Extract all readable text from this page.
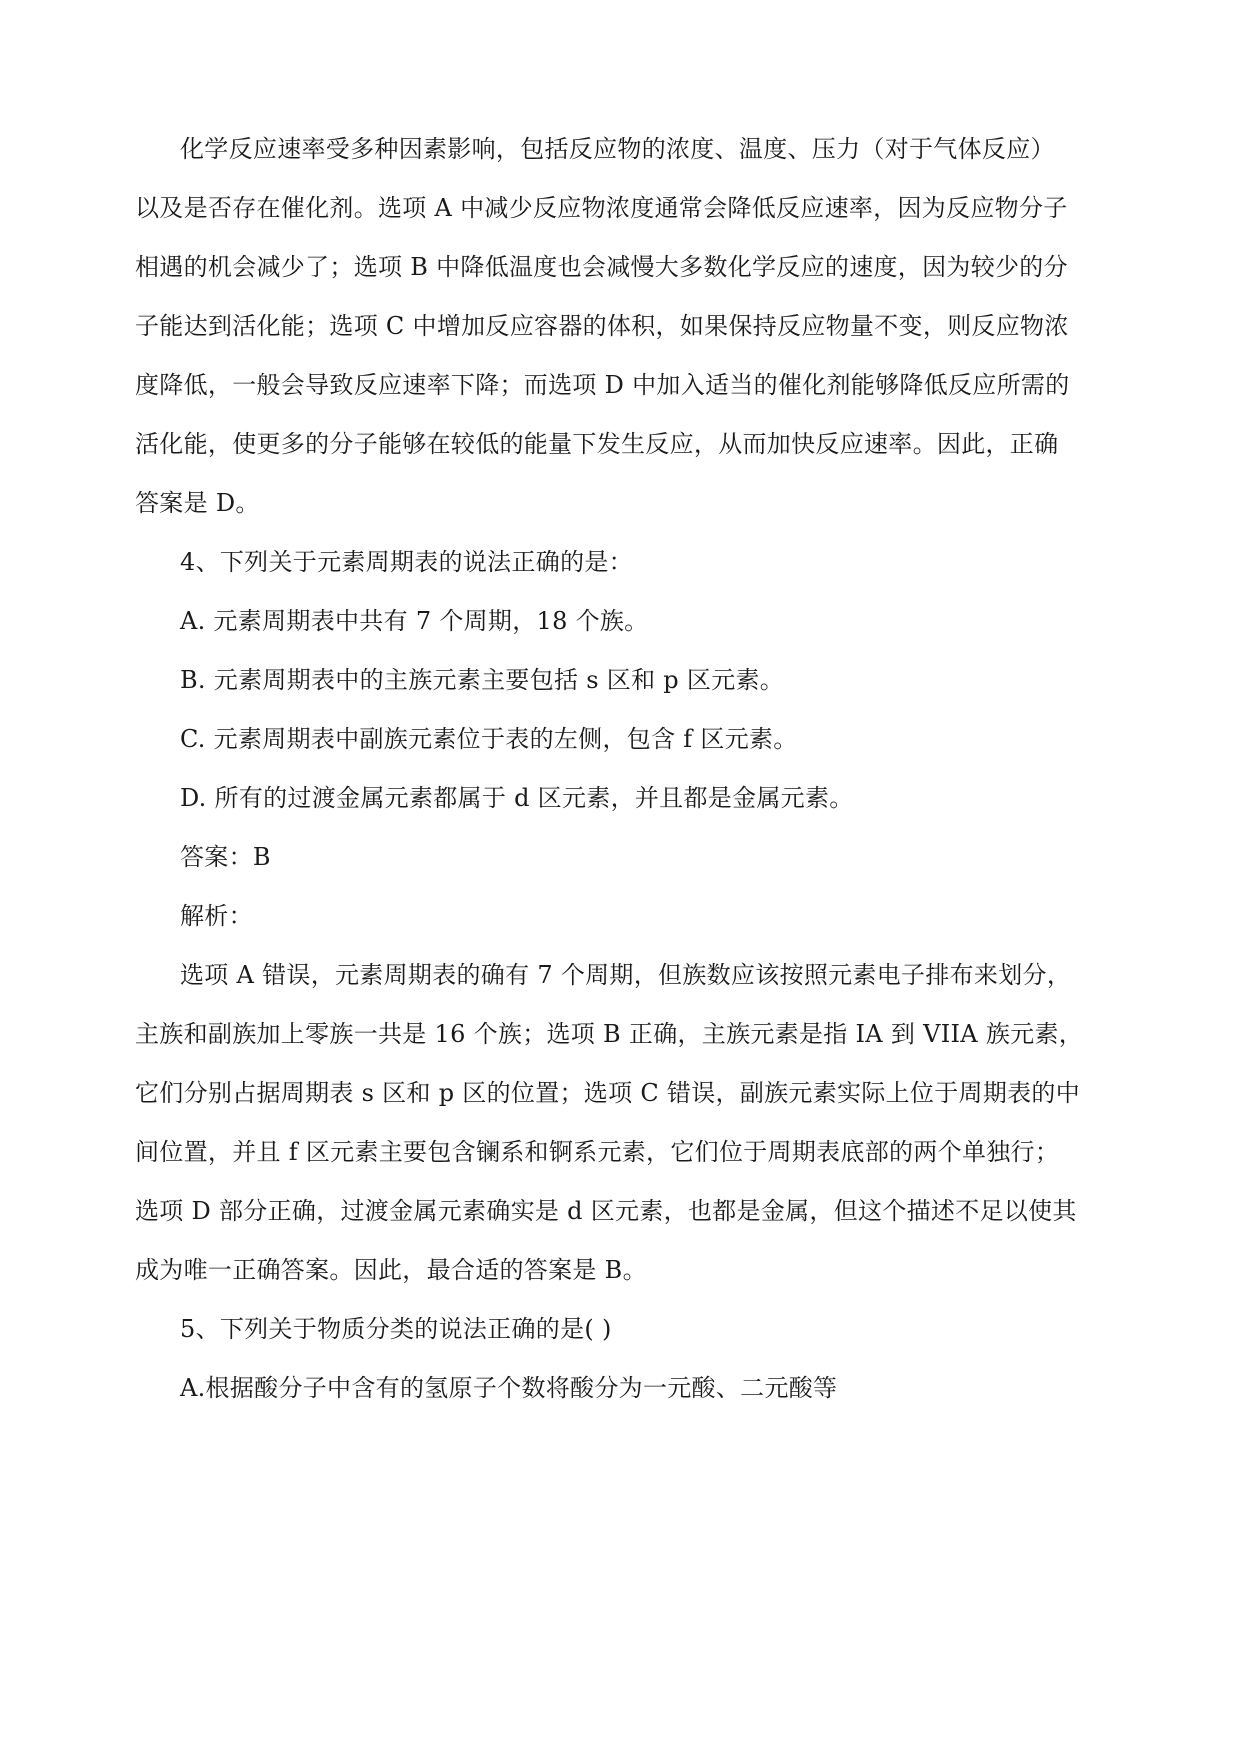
化学反应速率受多种因素影响，包括反应物的浓度、温度、压力（对于气体反应）
以及是否存在催化剂。选项 A 中减少反应物浓度通常会降低反应速率，因为反应物分子
相遇的机会减少了；选项 B 中降低温度也会减慢大多数化学反应的速度，因为较少的分
子能达到活化能；选项 C 中增加反应容器的体积，如果保持反应物量不变，则反应物浓
度降低，一般会导致反应速率下降；而选项 D 中加入适当的催化剂能够降低反应所需的
活化能，使更多的分子能够在较低的能量下发生反应，从而加快反应速率。因此，正确
答案是 D。
4、下列关于元素周期表的说法正确的是：
A. 元素周期表中共有 7 个周期，18 个族。
B. 元素周期表中的主族元素主要包括 s 区和 p 区元素。
C. 元素周期表中副族元素位于表的左侧，包含 f 区元素。
D. 所有的过渡金属元素都属于 d 区元素，并且都是金属元素。
答案：B
解析：
选项 A 错误，元素周期表的确有 7 个周期，但族数应该按照元素电子排布来划分，
主族和副族加上零族一共是 16 个族；选项 B 正确，主族元素是指 IA 到 VIIA 族元素，
它们分别占据周期表 s 区和 p 区的位置；选项 C 错误，副族元素实际上位于周期表的中
间位置，并且 f 区元素主要包含镧系和锕系元素，它们位于周期表底部的两个单独行；
选项 D 部分正确，过渡金属元素确实是 d 区元素，也都是金属，但这个描述不足以使其
成为唯一正确答案。因此，最合适的答案是 B。
5、下列关于物质分类的说法正确的是( )
A.根据酸分子中含有的氢原子个数将酸分为一元酸、二元酸等
